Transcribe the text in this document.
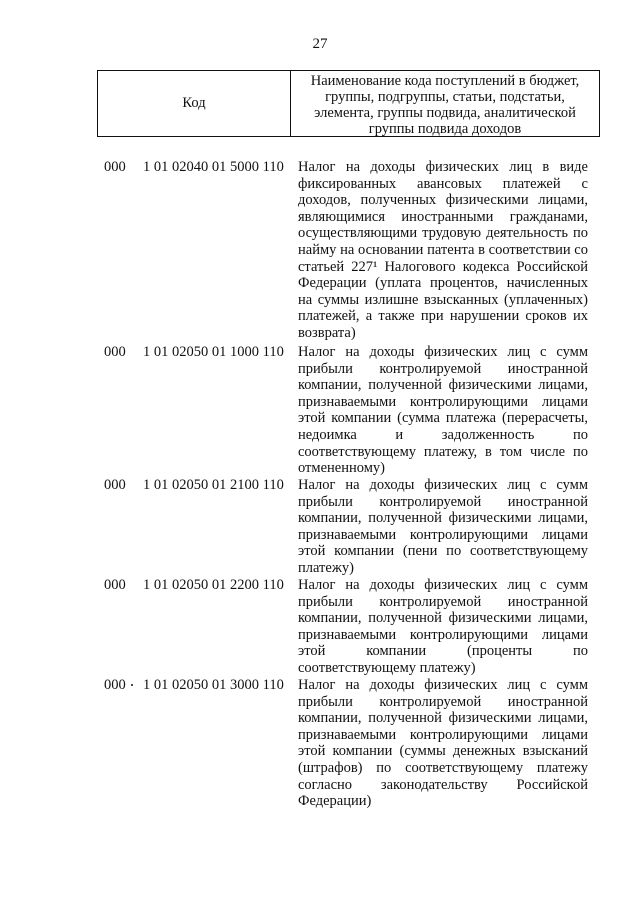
27
Код
Наименование кода поступлений в бюджет,
группы, подгруппы, статьи, подстатьи,
элемента, группы подвида, аналитической
группы подвида доходов
000 1 01 02040 01 5000 110 Налог на доходы физических лиц в виде
фиксированных авансовых платежей с
доходов, полученных физическими лицами,
являющимися иностранными гражданами,
осуществляющими трудовую деятельность по
найму на основании патента в соответствии со
статьей 227¹ Налогового кодекса Российской
Федерации (уплата процентов, начисленных
на суммы излишне взысканных (уплаченных)
платежей, а также при нарушении сроков их
возврата)
000 1 01 02050 01 1000 110 Налог на доходы физических лиц с сумм
прибыли контролируемой иностранной
компании, полученной физическими лицами,
признаваемыми контролирующими лицами
этой компании (сумма платежа (перерасчеты,
недоимка и задолженность по
соответствующему платежу, в том числе по
отмененному)
000 1 01 02050 01 2100 110 Налог на доходы физических лиц с сумм
прибыли контролируемой иностранной
компании, полученной физическими лицами,
признаваемыми контролирующими лицами
этой компании (пени по соответствующему
платежу)
000 1 01 02050 01 2200 110 Налог на доходы физических лиц с сумм
прибыли контролируемой иностранной
компании, полученной физическими лицами,
признаваемыми контролирующими лицами
этой компании (проценты по
соответствующему платежу)
000 1 01 02050 01 3000 110 Налог на доходы физических лиц с сумм
прибыли контролируемой иностранной
компании, полученной физическими лицами,
признаваемыми контролирующими лицами
этой компании (суммы денежных взысканий
(штрафов) по соответствующему платежу
согласно законодательству Российской
Федерации)
